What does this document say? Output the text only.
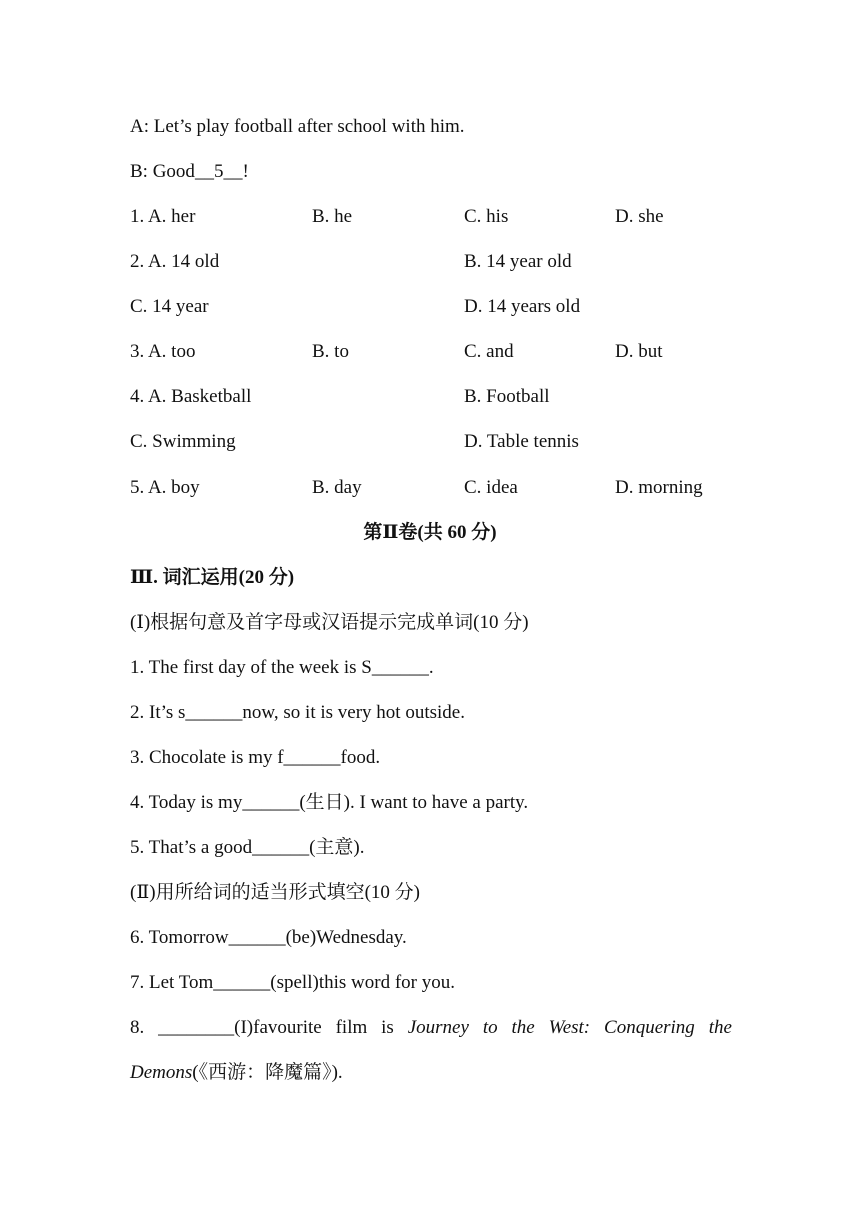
A: Let’s play football after school with him.
B: Good__5__!
1. A. her	B. he	C. his	D. she
2. A. 14 old	B. 14 year old
C. 14 year	D. 14 years old
3. A. too	B. to	C. and	D. but
4. A. Basketball	B. Football
C. Swimming	D. Table tennis
5. A. boy	B. day	C. idea	D. morning
第Ⅱ卷(共 60 分)
Ⅲ. 词汇运用(20 分)
(Ⅰ)根据句意及首字母或汉语提示完成单词(10 分)
1. The first day of the week is S______.
2. It’s s______now, so it is very hot outside.
3. Chocolate is my f______food.
4. Today is my______(生日). I want to have a party.
5. That’s a good______(主意).
(Ⅱ)用所给词的适当形式填空(10 分)
6. Tomorrow______(be)Wednesday.
7. Let Tom______(spell)this word for you.
8. ________(I)favourite film is Journey to the West: Conquering the
Demons(《西游：降魔篇》).
